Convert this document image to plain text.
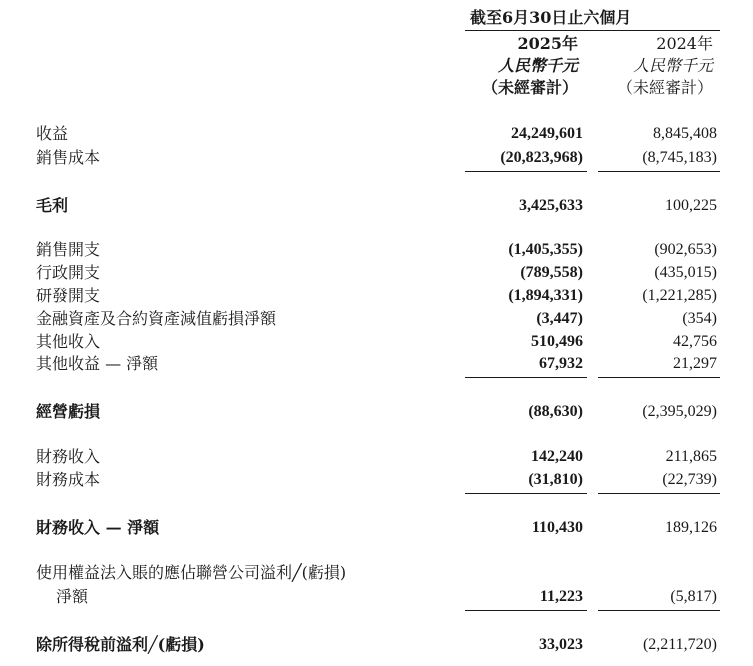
截至6月30日止六個月
2025年	2024年
人民幣千元	人民幣千元
（未經審計） （未經審計）
收益	24,249,601	8,845,408
銷售成本	(20,823,968)	(8,745,183)
毛利	3,425,633	100,225
銷售開支	(1,405,355)	(902,653)
行政開支	(789,558)	(435,015)
研發開支	(1,894,331)	(1,221,285)
金融資產及合約資產減值虧損淨額	(3,447)	(354)
其他收入	510,496	42,756
其他收益 — 淨額	67,932	21,297
經營虧損	(88,630)	(2,395,029)
財務收入	142,240	211,865
財務成本	(31,810)	(22,739)
財務收入 — 淨額	110,430	189,126
使用權益法入賬的應佔聯營公司溢利╱(虧損)
淨額	11,223	(5,817)
除所得稅前溢利╱(虧損)	33,023	(2,211,720)
